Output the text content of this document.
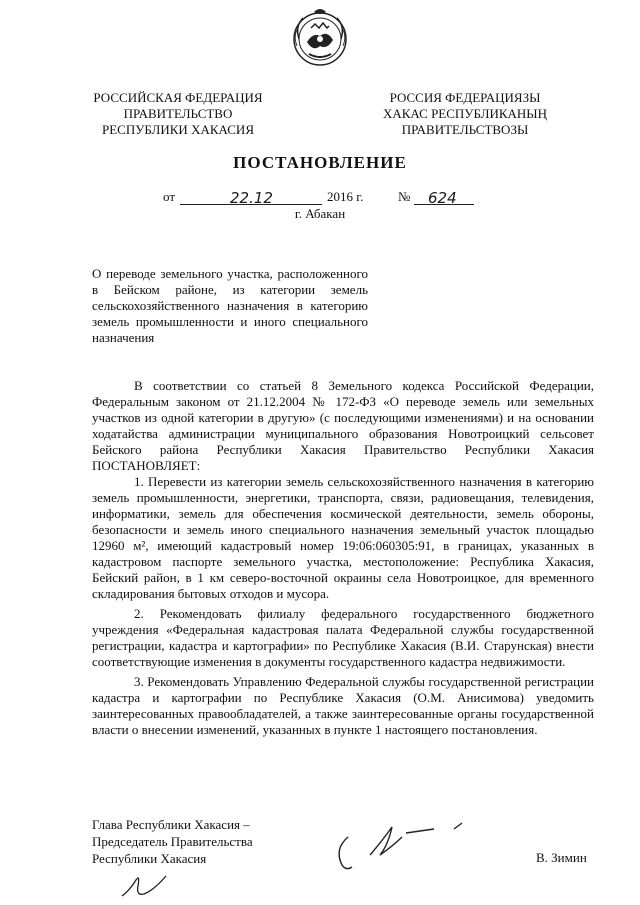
РОССИЙСКАЯ ФЕДЕРАЦИЯ
ПРАВИТЕЛЬСТВО
РЕСПУБЛИКИ ХАКАСИЯ
РОССИЯ ФЕДЕРАЦИЯЗЫ
ХАКАС РЕСПУБЛИКАНЫҢ
ПРАВИТЕЛЬСТВОЗЫ
ПОСТАНОВЛЕНИЕ
от	22.12	2016 г.	№ 624
г. Абакан
О переводе земельного участка, расположенного в Бейском районе, из категории земель сельскохозяйственного назначения в категорию земель промышленности и иного специального назначения

В соответствии со статьей 8 Земельного кодекса Российской Федерации, Федеральным законом от 21.12.2004 № 172-ФЗ «О переводе земель или земельных участков из одной категории в другую» (с последующими изменениями) и на основании ходатайства администрации муниципального образования Новотроицкий сельсовет Бейского района Республики Хакасия Правительство Республики Хакасия ПОСТАНОВЛЯЕТ:

1. Перевести из категории земель сельскохозяйственного назначения в категорию земель промышленности, энергетики, транспорта, связи, радиовещания, телевидения, информатики, земель для обеспечения космической деятельности, земель обороны, безопасности и земель иного специального назначения земельный участок площадью 12960 м², имеющий кадастровый номер 19:06:060305:91, в границах, указанных в кадастровом паспорте земельного участка, местоположение: Республика Хакасия, Бейский район, в 1 км северо-восточной окраины села Новотроицкое, для временного складирования бытовых отходов и мусора.

2. Рекомендовать филиалу федерального государственного бюджетного учреждения «Федеральная кадастровая палата Федеральной службы государственной регистрации, кадастра и картографии» по Республике Хакасия (В.И. Старунская) внести соответствующие изменения в документы государственного кадастра недвижимости.

3. Рекомендовать Управлению Федеральной службы государственной регистрации кадастра и картографии по Республике Хакасия (О.М. Анисимова) уведомить заинтересованных правообладателей, а также заинтересованные органы государственной власти о внесении изменений, указанных в пункте 1 настоящего постановления.

Глава Республики Хакасия –
Председатель Правительства
Республики Хакасия	В. Зимин
